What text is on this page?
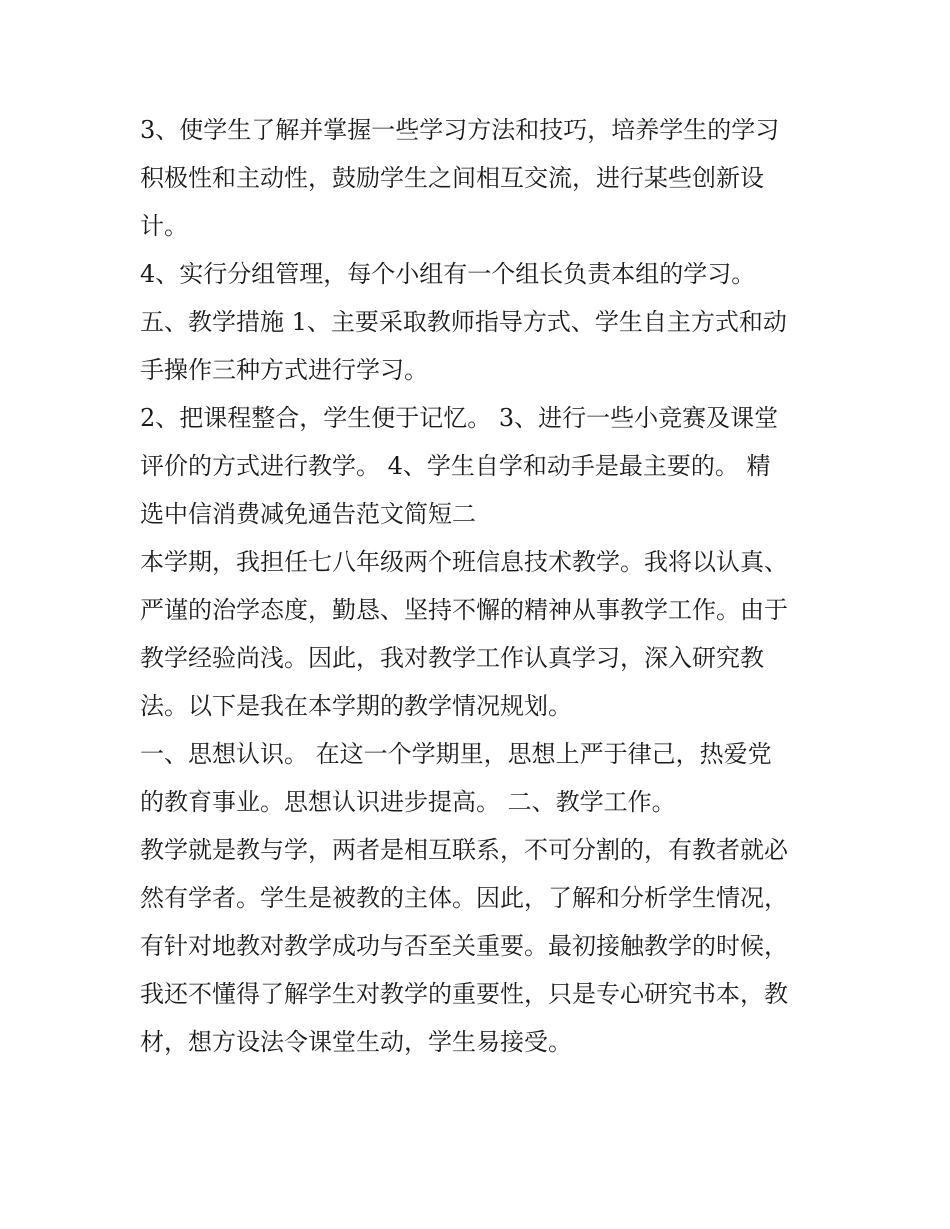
3、使学生了解并掌握一些学习方法和技巧，培养学生的学习
积极性和主动性，鼓励学生之间相互交流，进行某些创新设
计。

4、实行分组管理，每个小组有一个组长负责本组的学习。

五、教学措施 1、主要采取教师指导方式、学生自主方式和动
手操作三种方式进行学习。

2、把课程整合，学生便于记忆。 3、进行一些小竞赛及课堂
评价的方式进行教学。 4、学生自学和动手是最主要的。 精
选中信消费减免通告范文简短二

本学期，我担任七八年级两个班信息技术教学。我将以认真、
严谨的治学态度，勤恳、坚持不懈的精神从事教学工作。由于
教学经验尚浅。因此，我对教学工作认真学习，深入研究教
法。以下是我在本学期的教学情况规划。

一、思想认识。 在这一个学期里，思想上严于律己，热爱党
的教育事业。思想认识进步提高。 二、教学工作。

教学就是教与学，两者是相互联系，不可分割的，有教者就必
然有学者。学生是被教的主体。因此，了解和分析学生情况，
有针对地教对教学成功与否至关重要。最初接触教学的时候，
我还不懂得了解学生对教学的重要性，只是专心研究书本，教
材，想方设法令课堂生动，学生易接受。
